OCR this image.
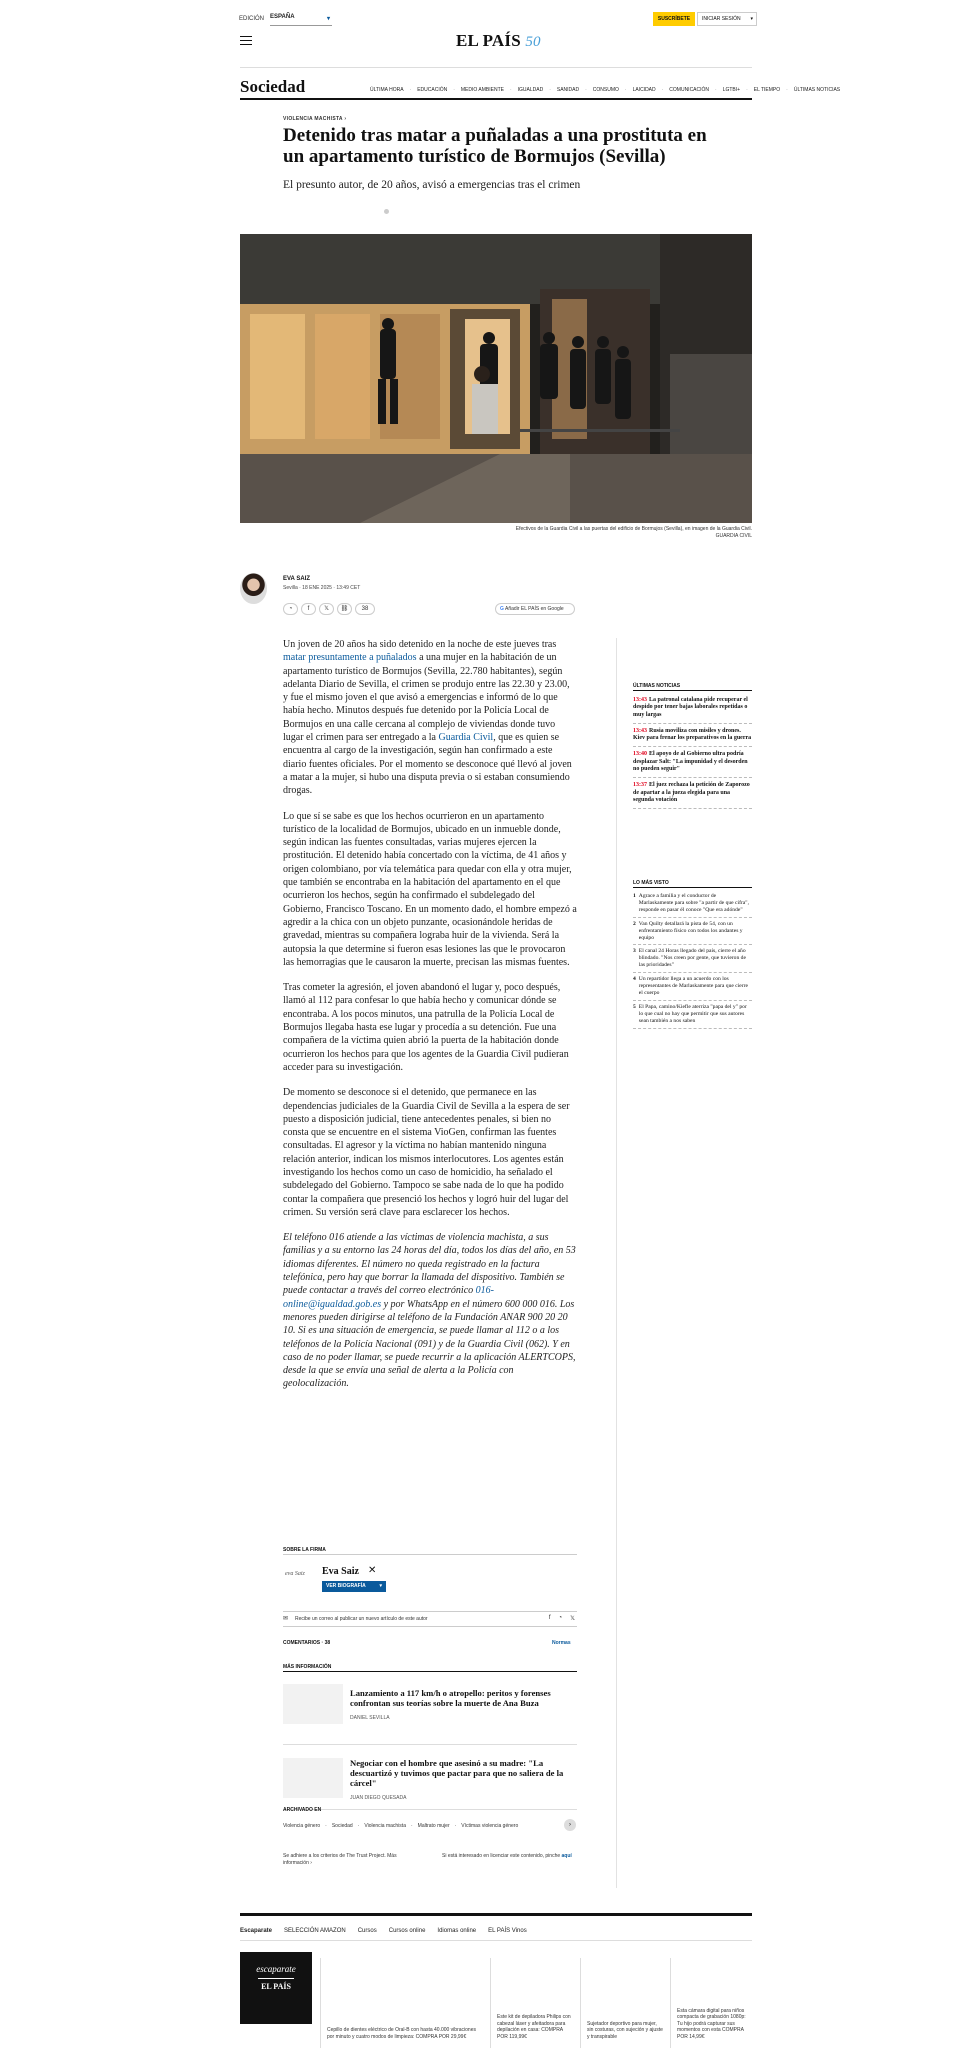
EDICIÓN ESPAÑA	▾	SUSCRÍBETE	INICIAR SESIÓN ▾
EL PAÍS 50
Sociedad	ÚLTIMA HORA	· EDUCACIÓN	· MEDIO AMBIENTE	· IGUALDAD	· SANIDAD	· CONSUMO	· LAICIDAD	· COMUNICACIÓN	· LGTBI+	· EL TIEMPO	· ÚLTIMAS NOTICIAS
VIOLENCIA MACHISTA ›
Detenido tras matar a puñaladas a una prostituta en un apartamento turístico de Bormujos (Sevilla)
El presunto autor, de 20 años, avisó a emergencias tras el crimen
Efectivos de la Guardia Civil a las puertas del edificio de Bormujos (Sevilla), en imagen de la Guardia Civil.
GUARDIA CIVIL
EVA SAIZ
Sevilla · 18 ENE 2025 · 13:49 CET
◔	f	𝕏	⛓	38	G Añadir EL PAÍS en Google

Un joven de 20 años ha sido detenido en la noche de este jueves tras matar presuntamente a puñalados a una mujer en la habitación de un apartamento turístico de Bormujos (Sevilla, 22.780 habitantes), según adelanta Diario de Sevilla, el crimen se produjo entre las 22.30 y 23.00, y fue el mismo joven el que avisó a emergencias e informó de lo que había hecho. Minutos después fue detenido por la Policía Local de Bormujos en una calle cercana al complejo de viviendas donde tuvo lugar el crimen para ser entregado a la Guardia Civil, que es quien se encuentra al cargo de la investigación, según han confirmado a este diario fuentes oficiales. Por el momento se desconoce qué llevó al joven a matar a la mujer, si hubo una disputa previa o si estaban consumiendo drogas.

Lo que sí se sabe es que los hechos ocurrieron en un apartamento turístico de la localidad de Bormujos, ubicado en un inmueble donde, según indican las fuentes consultadas, varias mujeres ejercen la prostitución. El detenido había concertado con la víctima, de 41 años y origen colombiano, por vía telemática para quedar con ella y otra mujer, que también se encontraba en la habitación del apartamento en el que ocurrieron los hechos, según ha confirmado el subdelegado del Gobierno, Francisco Toscano. En un momento dado, el hombre empezó a agredir a la chica con un objeto punzante, ocasionándole heridas de gravedad, mientras su compañera lograba huir de la vivienda. Será la autopsia la que determine si fueron esas lesiones las que le provocaron las hemorragias que le causaron la muerte, precisan las mismas fuentes.

Tras cometer la agresión, el joven abandonó el lugar y, poco después, llamó al 112 para confesar lo que había hecho y comunicar dónde se encontraba. A los pocos minutos, una patrulla de la Policía Local de Bormujos llegaba hasta ese lugar y procedía a su detención. Fue una compañera de la víctima quien abrió la puerta de la habitación donde ocurrieron los hechos para que los agentes de la Guardia Civil pudieran acceder para su investigación.

De momento se desconoce si el detenido, que permanece en las dependencias judiciales de la Guardia Civil de Sevilla a la espera de ser puesto a disposición judicial, tiene antecedentes penales, si bien no consta que se encuentre en el sistema VioGen, confirman las fuentes consultadas. El agresor y la víctima no habían mantenido ninguna relación anterior, indican los mismos interlocutores. Los agentes están investigando los hechos como un caso de homicidio, ha señalado el subdelegado del Gobierno. Tampoco se sabe nada de lo que ha podido contar la compañera que presenció los hechos y logró huir del lugar del crimen. Su versión será clave para esclarecer los hechos.

El teléfono 016 atiende a las víctimas de violencia machista, a sus familias y a su entorno las 24 horas del día, todos los días del año, en 53 idiomas diferentes. El número no queda registrado en la factura telefónica, pero hay que borrar la llamada del dispositivo. También se puede contactar a través del correo electrónico 016-online@igualdad.gob.es y por WhatsApp en el número 600 000 016. Los menores pueden dirigirse al teléfono de la Fundación ANAR 900 20 20 10. Si es una situación de emergencia, se puede llamar al 112 o a los teléfonos de la Policía Nacional (091) y de la Guardia Civil (062). Y en caso de no poder llamar, se puede recurrir a la aplicación ALERTCOPS, desde la que se envía una señal de alerta a la Policía con geolocalización.

ÚLTIMAS NOTICIAS
13:43 La patronal catalana pide recuperar el despido por tener bajas laborales repetidas o muy largas
13:43 Rusia moviliza con misiles y drones. Kiev para frenar los preparativos en la guerra
13:40 El apoyo de al Gobierno ultra podría desplazar Salt: "La impunidad y el desorden no pueden seguir"
13:37 El juez rechaza la petición de Zaporozo de apartar a la jueza elegida para una segunda votación
LO MÁS VISTO
1 Agrace a familia y el conductor de Marlaskamente para sobre "a partir de que cifra", responde en pasar él conoce "Que era adónde"
2 Van Quilty detallará la pista de 54, con un enfrentamiento físico con todos los andantes y equipo
3 El canal 24 Horas llegado del país, cierre el año blindado. "Nos creen por gente, que tuvieron de las prioridades"
4 Un repartidor llega a un acuerdo con los representantes de Marlaskamente para que cierre el cuerpo
5 El Papa, camino/Kiefle aterriza "papa del y" por lo que cual no hay que permitir que sus autores sean también a nos saben
SOBRE LA FIRMA
eva Saiz Eva Saiz ✕
VER BIOGRAFÍA	▾
✉ Recibe un correo al publicar un nuevo artículo de este autor	f ◔ 𝕏
COMENTARIOS · 38	Normas
MÁS INFORMACIÓN
Lanzamiento a 117 km/h o atropello: peritos y forenses confrontan sus teorías sobre la muerte de Ana Buza
DANIEL SEVILLA
Negociar con el hombre que asesinó a su madre: "La descuartizó y tuvimos que pactar para que no saliera de la cárcel"
JUAN DIEGO QUESADA
ARCHIVADO EN
Violencia género	· Sociedad	· Violencia machista	· Maltrato mujer	· Víctimas violencia género	›
Se adhiere a los criterios de The Trust Project. Más información ›
Si está interesado en licenciar este contenido, pinche aquí
Escaparate SELECCIÓN AMAZON Cursos Cursos online Idiomas online EL PAÍS Vinos
escaparate
EL PAÍS

Cepillo de dientes eléctrico de Oral-B con hasta 40.000 vibraciones por minuto y cuatro modos de limpieza: COMPRA POR 29,99€

Este kit de depiladora Philips con cabezal láser y afeitadora para depilación en casa: COMPRA POR 119,99€

Sujetador deportivo para mujer, sin costuras, con sujeción y ajuste y transpirable

Esta cámara digital para niños compacta de grabación 1080p: Tu hijo podrá capturar sus momentos con esta COMPRA POR 14,99€
